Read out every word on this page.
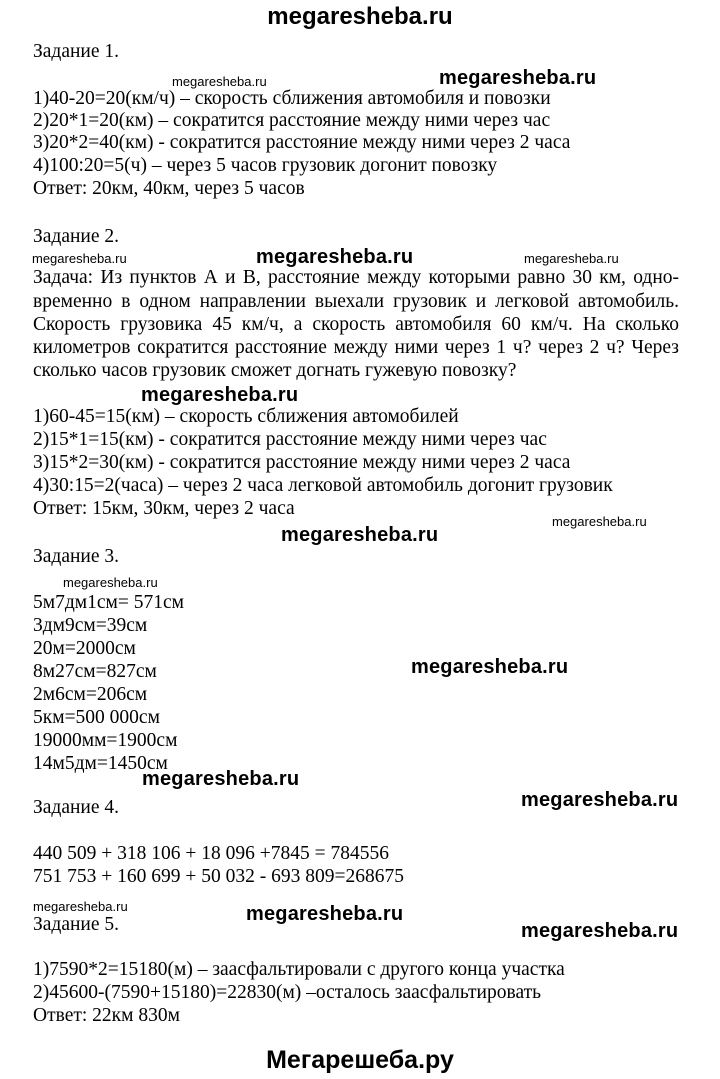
megaresheba.ru
Мегарешеба.ру
Задание 1.
1)40-20=20(км/ч) – скорость сближения автомобиля и повозки
2)20*1=20(км) – сократится расстояние между ними через час
3)20*2=40(км) - сократится расстояние между ними через 2 часа
4)100:20=5(ч) – через 5 часов грузовик догонит повозку
Ответ: 20км, 40км, через 5 часов
Задание 2.
Задача: Из пунктов А и В, расстояние между которыми равно 30 км, одно-
временно в одном направлении выехали грузовик и легковой автомобиль.
Скорость грузовика 45 км/ч, а скорость автомобиля 60 км/ч. На сколько
километров сократится расстояние между ними через 1 ч? через 2 ч? Через
сколько часов грузовик сможет догнать гужевую повозку?
1)60-45=15(км) – скорость сближения автомобилей
2)15*1=15(км) - сократится расстояние между ними через час
3)15*2=30(км) - сократится расстояние между ними через 2 часа
4)30:15=2(часа) – через 2 часа легковой автомобиль догонит грузовик
Ответ: 15км, 30км, через 2 часа
Задание 3.
5м7дм1см= 571см
3дм9см=39см
20м=2000см
8м27см=827см
2м6см=206см
5км=500 000см
19000мм=1900см
14м5дм=1450см
Задание 4.
440 509 + 318 106 + 18 096 +7845 = 784556
751 753 + 160 699 + 50 032 - 693 809=268675
Задание 5.
1)7590*2=15180(м) – заасфальтировали с другого конца участка
2)45600-(7590+15180)=22830(м) –осталось заасфальтировать
Ответ: 22км 830м
megaresheba.ru	megaresheba.ru
megaresheba.ru	megaresheba.ru	megaresheba.ru
megaresheba.ru
megaresheba.ru
megaresheba.ru
megaresheba.ru
megaresheba.ru
megaresheba.ru
megaresheba.ru
megaresheba.ru	megaresheba.ru
megaresheba.ru
